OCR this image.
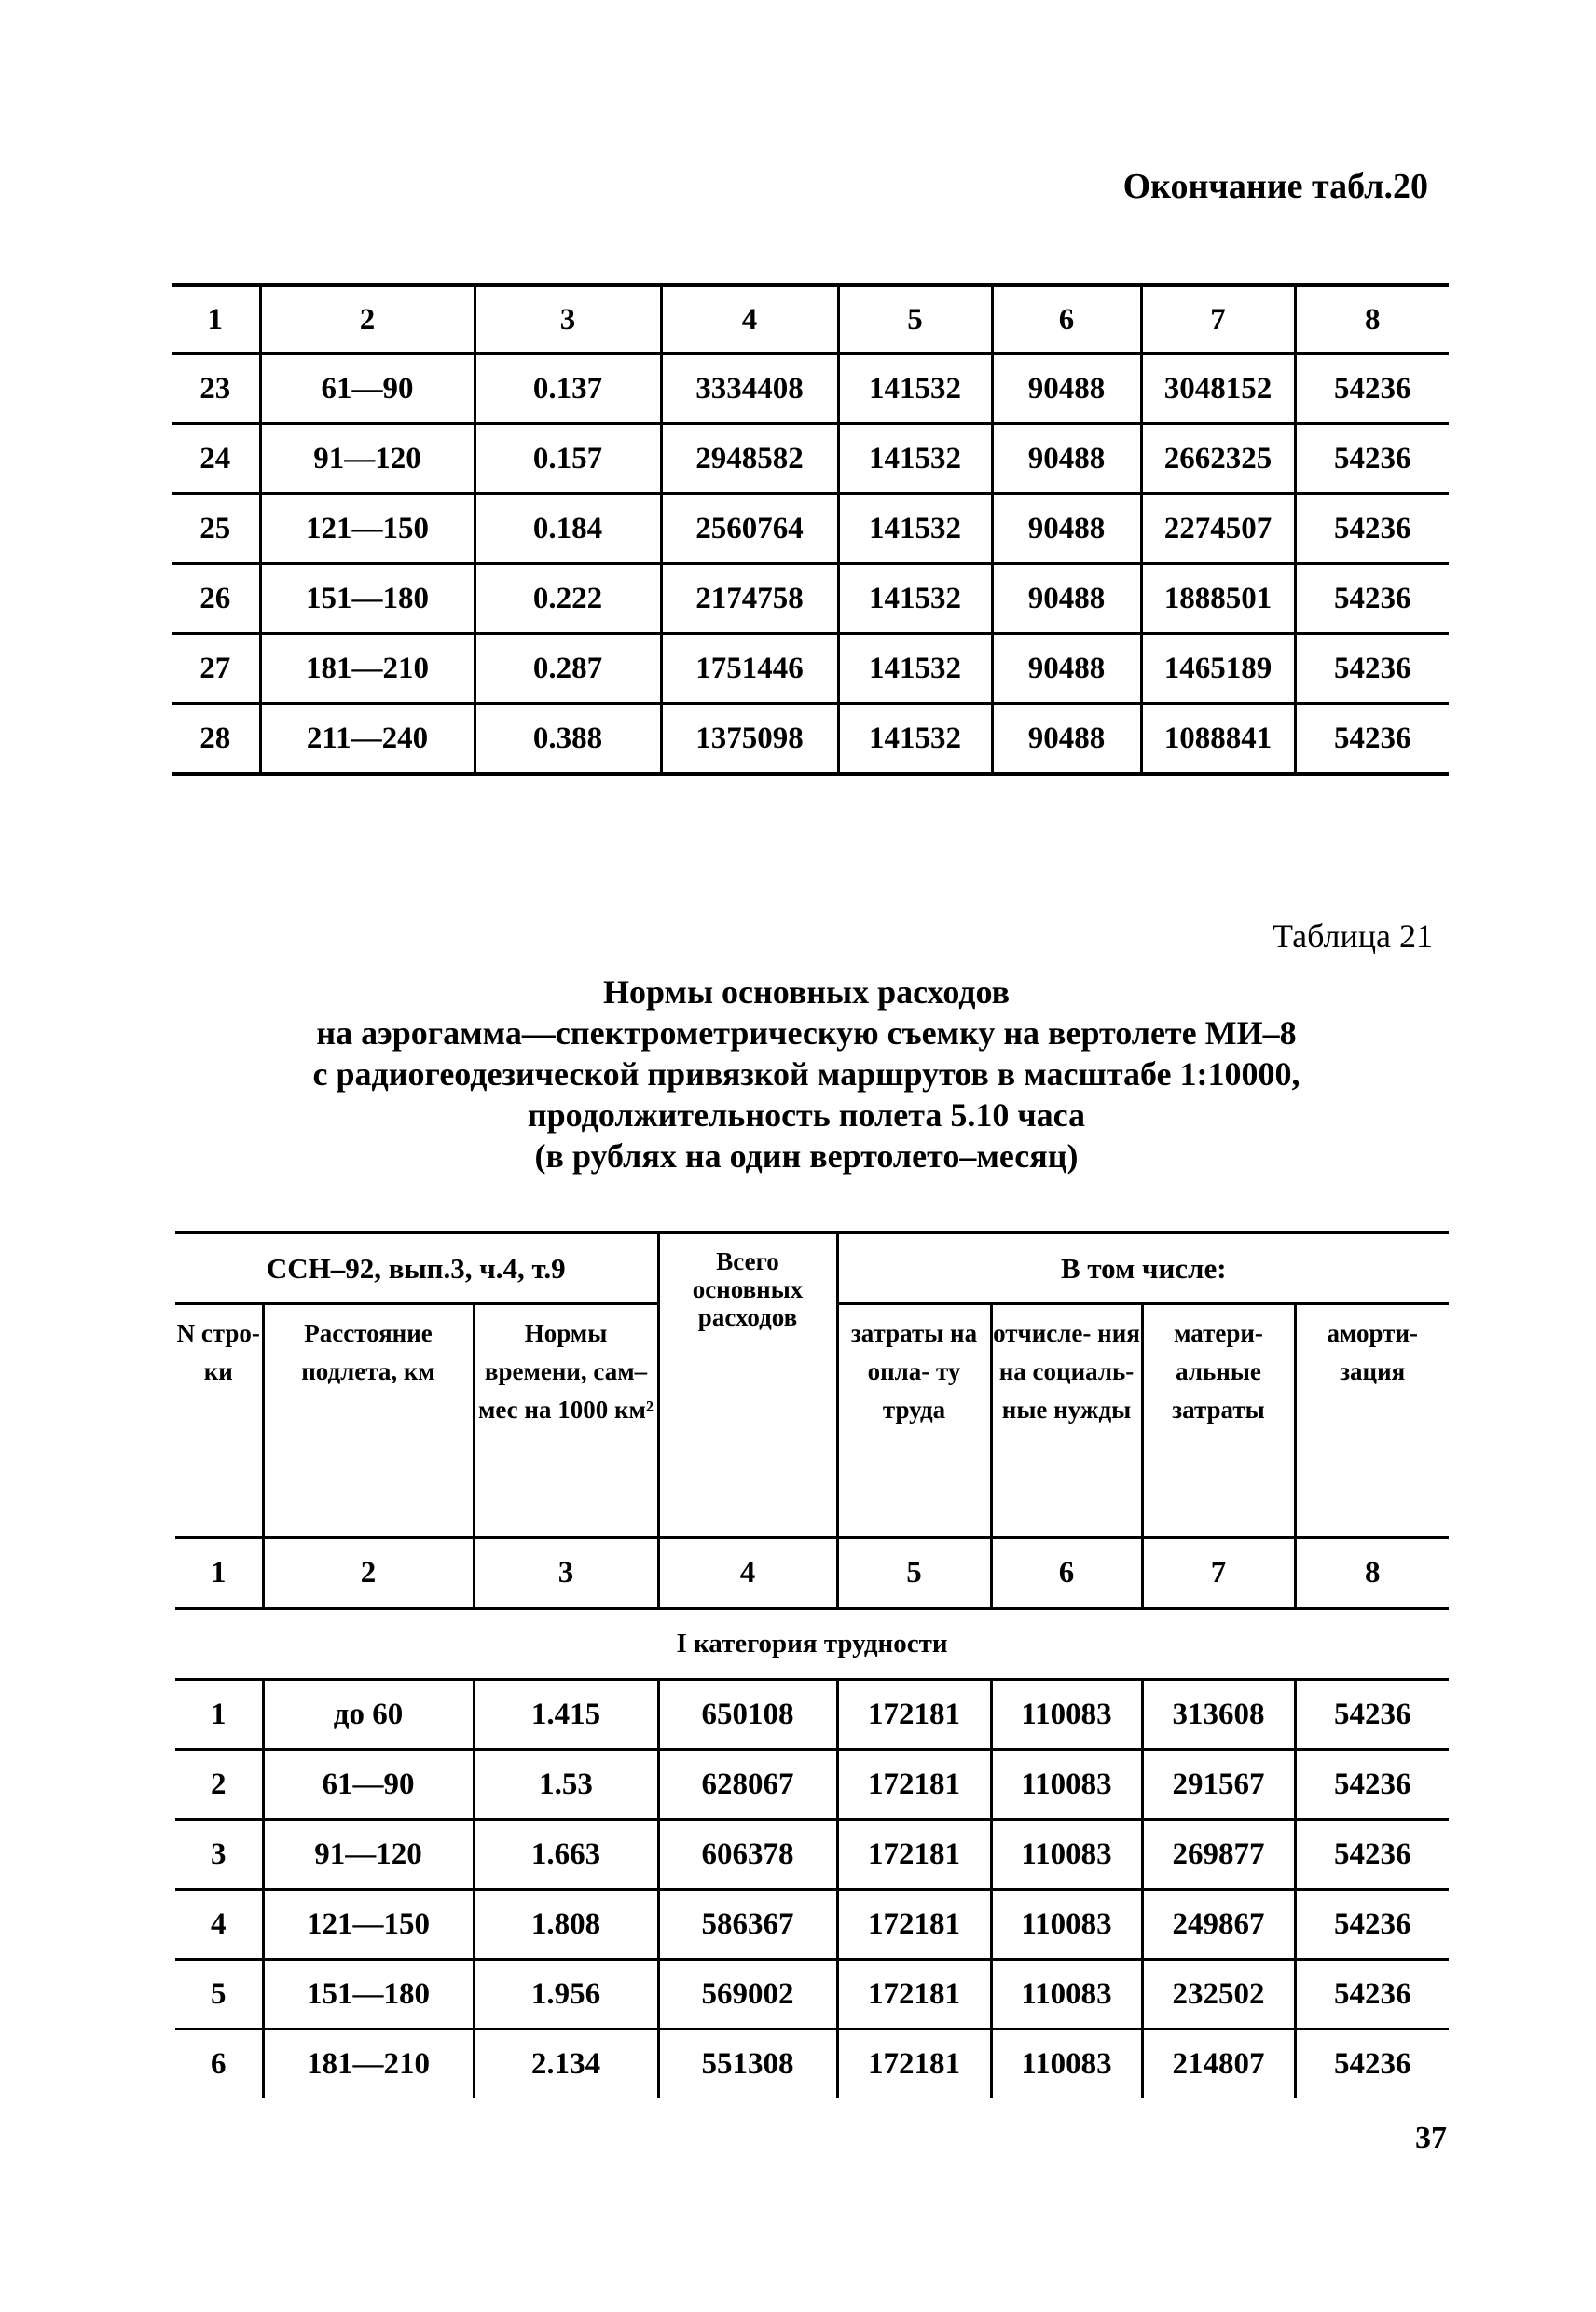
Окончание табл.20
1	2	3	4	5	6	7	8
23	61—90	0.137	3334408	141532	90488	3048152	54236
24	91—120	0.157	2948582	141532	90488	2662325	54236
25	121—150	0.184	2560764	141532	90488	2274507	54236
26	151—180	0.222	2174758	141532	90488	1888501	54236
27	181—210	0.287	1751446	141532	90488	1465189	54236
28	211—240	0.388	1375098	141532	90488	1088841	54236
Таблица 21
Нормы основных расходов
на аэрогамма—спектрометрическую съемку на вертолете МИ–8
с радиогеодезической привязкой маршрутов в масштабе 1:10000,
продолжительность полета 5.10 часа
(в рублях на один вертолето–месяц)
ССН–92, вып.3, ч.4, т.9			Всего основных расходов	В том числе:			
N стро- ки	Расстояние подлета, км	Нормы времени, сам–мес на 1000 км²		затраты на опла- ту труда	отчисле- ния на социаль- ные нужды	матери- альные затраты	аморти- зация
1	2	3	4	5	6	7	8
I категория трудности							
1	до 60	1.415	650108	172181	110083	313608	54236
2	61—90	1.53	628067	172181	110083	291567	54236
3	91—120	1.663	606378	172181	110083	269877	54236
4	121—150	1.808	586367	172181	110083	249867	54236
5	151—180	1.956	569002	172181	110083	232502	54236
6	181—210	2.134	551308	172181	110083	214807	54236
37
